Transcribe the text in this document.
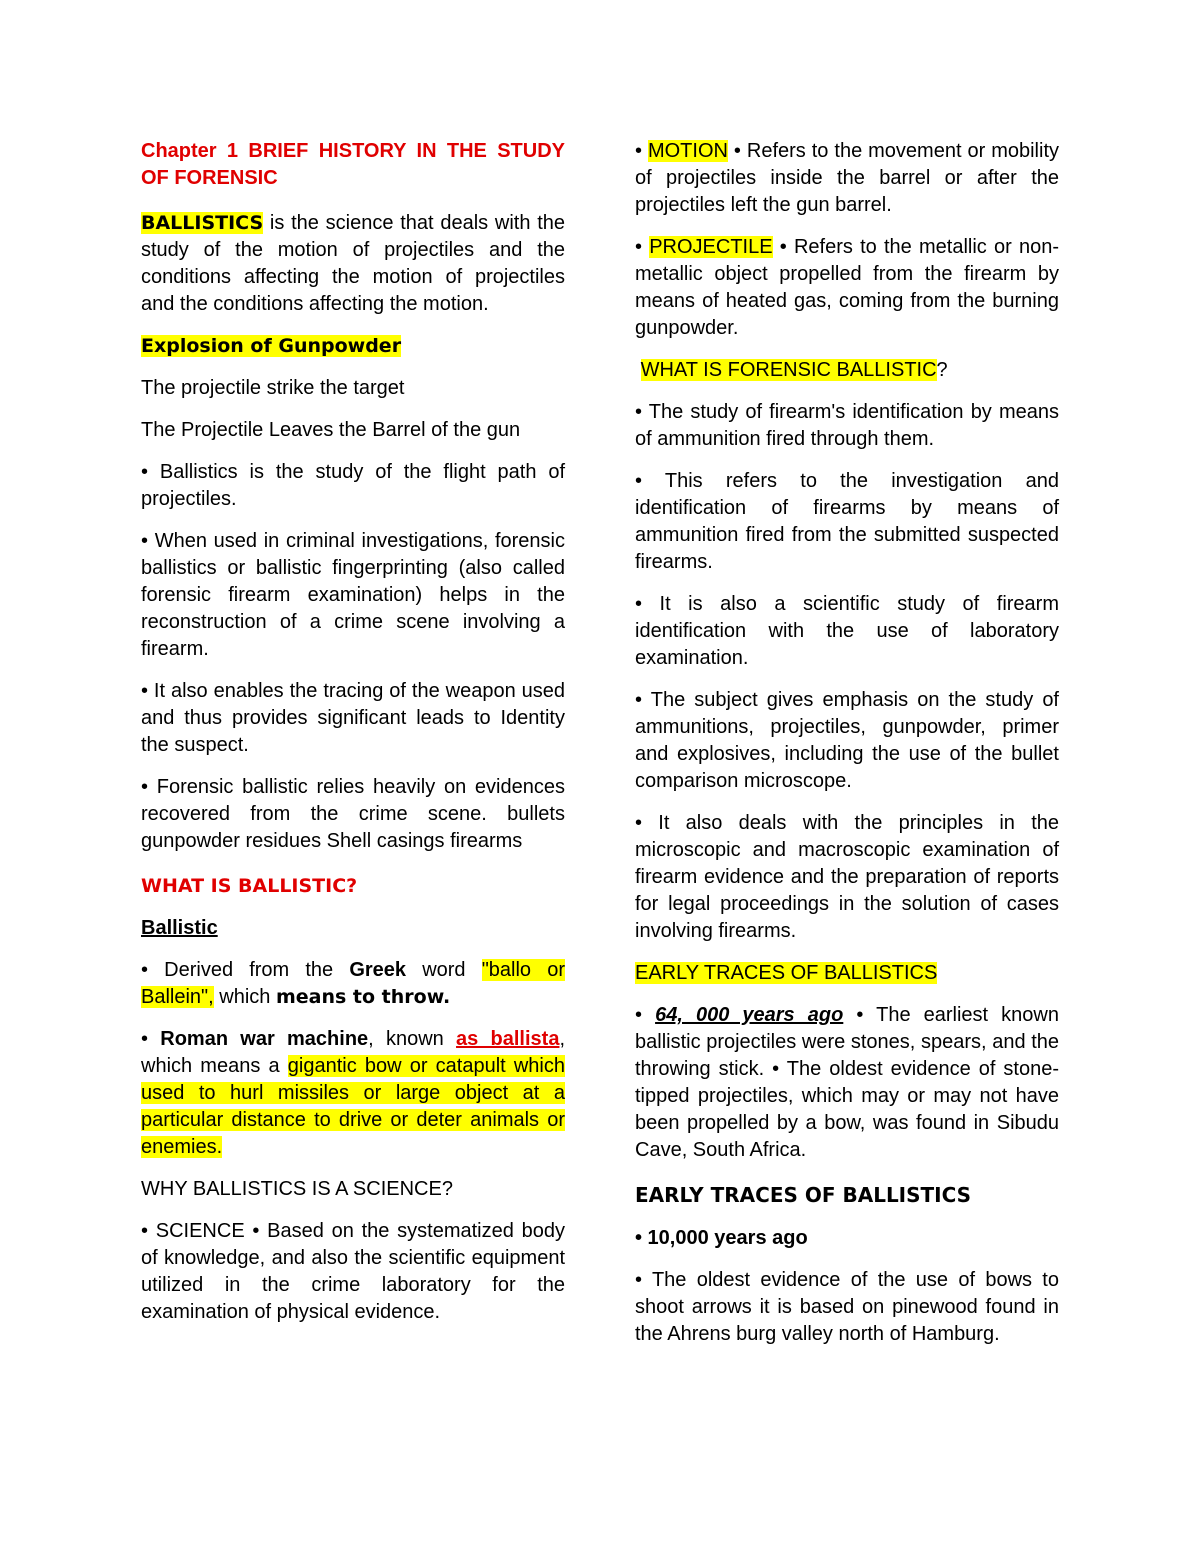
Chapter 1 BRIEF HISTORY IN THE STUDY OF FORENSIC

BALLISTICS is the science that deals with the study of the motion of projectiles and the conditions affecting the motion of projectiles and the conditions affecting the motion.

Explosion of Gunpowder

The projectile strike the target

The Projectile Leaves the Barrel of the gun

• Ballistics is the study of the flight path of projectiles.

• When used in criminal investigations, forensic ballistics or ballistic fingerprinting (also called forensic firearm examination) helps in the reconstruction of a crime scene involving a firearm.

• It also enables the tracing of the weapon used and thus provides significant leads to Identity the suspect.

• Forensic ballistic relies heavily on evidences recovered from the crime scene. bullets gunpowder residues Shell casings firearms

WHAT IS BALLISTIC?

Ballistic

• Derived from the Greek word "ballo or Ballein", which means to throw.

• Roman war machine, known as ballista, which means a gigantic bow or catapult which used to hurl missiles or large object at a particular distance to drive or deter animals or enemies.

WHY BALLISTICS IS A SCIENCE?

• SCIENCE • Based on the systematized body of knowledge, and also the scientific equipment utilized in the crime laboratory for the examination of physical evidence.

• MOTION • Refers to the movement or mobility of projectiles inside the barrel or after the projectiles left the gun barrel.

• PROJECTILE • Refers to the metallic or non-metallic object propelled from the firearm by means of heated gas, coming from the burning gunpowder.

WHAT IS FORENSIC BALLISTIC?

• The study of firearm's identification by means of ammunition fired through them.

• This refers to the investigation and identification of firearms by means of ammunition fired from the submitted suspected firearms.

• It is also a scientific study of firearm identification with the use of laboratory examination.

• The subject gives emphasis on the study of ammunitions, projectiles, gunpowder, primer and explosives, including the use of the bullet comparison microscope.

• It also deals with the principles in the microscopic and macroscopic examination of firearm evidence and the preparation of reports for legal proceedings in the solution of cases involving firearms.

EARLY TRACES OF BALLISTICS

• 64, 000 years ago • The earliest known ballistic projectiles were stones, spears, and the throwing stick. • The oldest evidence of stone-tipped projectiles, which may or may not have been propelled by a bow, was found in Sibudu Cave, South Africa.

EARLY TRACES OF BALLISTICS

• 10,000 years ago

• The oldest evidence of the use of bows to shoot arrows it is based on pinewood found in the Ahrens burg valley north of Hamburg.
